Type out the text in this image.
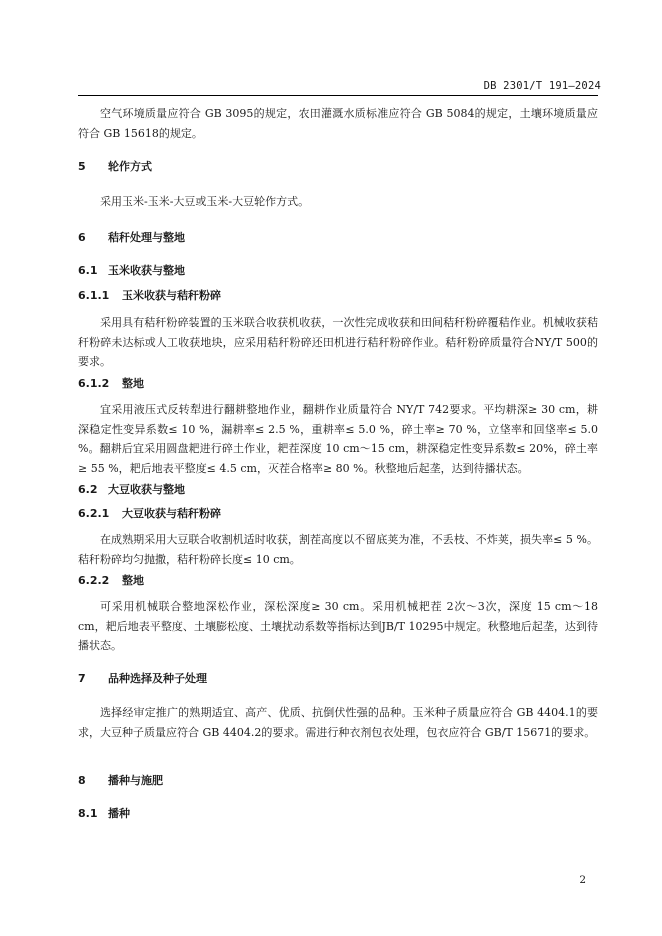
DB 2301/T 191—2024

空气环境质量应符合 GB 3095的规定，农田灌溉水质标准应符合 GB 5084的规定，土壤环境质量应符合 GB 15618的规定。

5 轮作方式

采用玉米-玉米-大豆或玉米-大豆轮作方式。

6 秸秆处理与整地

6.1 玉米收获与整地

6.1.1 玉米收获与秸秆粉碎

采用具有秸秆粉碎装置的玉米联合收获机收获，一次性完成收获和田间秸秆粉碎覆秸作业。机械收获秸秆粉碎未达标或人工收获地块，应采用秸秆粉碎还田机进行秸秆粉碎作业。秸秆粉碎质量符合NY/T 500的要求。

6.1.2 整地

宜采用液压式反转犁进行翻耕整地作业，翻耕作业质量符合 NY/T 742要求。平均耕深≥ 30 cm，耕深稳定性变异系数≤ 10 %，漏耕率≤ 2.5 %，重耕率≤ 5.0 %，碎土率≥ 70 %，立垡率和回垡率≤ 5.0 %。翻耕后宜采用圆盘耙进行碎土作业，耙茬深度 10 cm～15 cm，耕深稳定性变异系数≤ 20%，碎土率≥ 55 %，耙后地表平整度≤ 4.5 cm，灭茬合格率≥ 80 %。秋整地后起垄，达到待播状态。

6.2 大豆收获与整地

6.2.1 大豆收获与秸秆粉碎

在成熟期采用大豆联合收割机适时收获，割茬高度以不留底荚为准，不丢枝、不炸荚，损失率≤ 5 %。秸秆粉碎均匀抛撒，秸秆粉碎长度≤ 10 cm。

6.2.2 整地

可采用机械联合整地深松作业，深松深度≥ 30 cm。采用机械耙茬 2次～3次，深度 15 cm～18 cm，耙后地表平整度、土壤膨松度、土壤扰动系数等指标达到JB/T 10295中规定。秋整地后起垄，达到待播状态。

7 品种选择及种子处理

选择经审定推广的熟期适宜、高产、优质、抗倒伏性强的品种。玉米种子质量应符合 GB 4404.1的要求，大豆种子质量应符合 GB 4404.2的要求。需进行种衣剂包衣处理，包衣应符合 GB/T 15671的要求。

8 播种与施肥

8.1 播种

2
